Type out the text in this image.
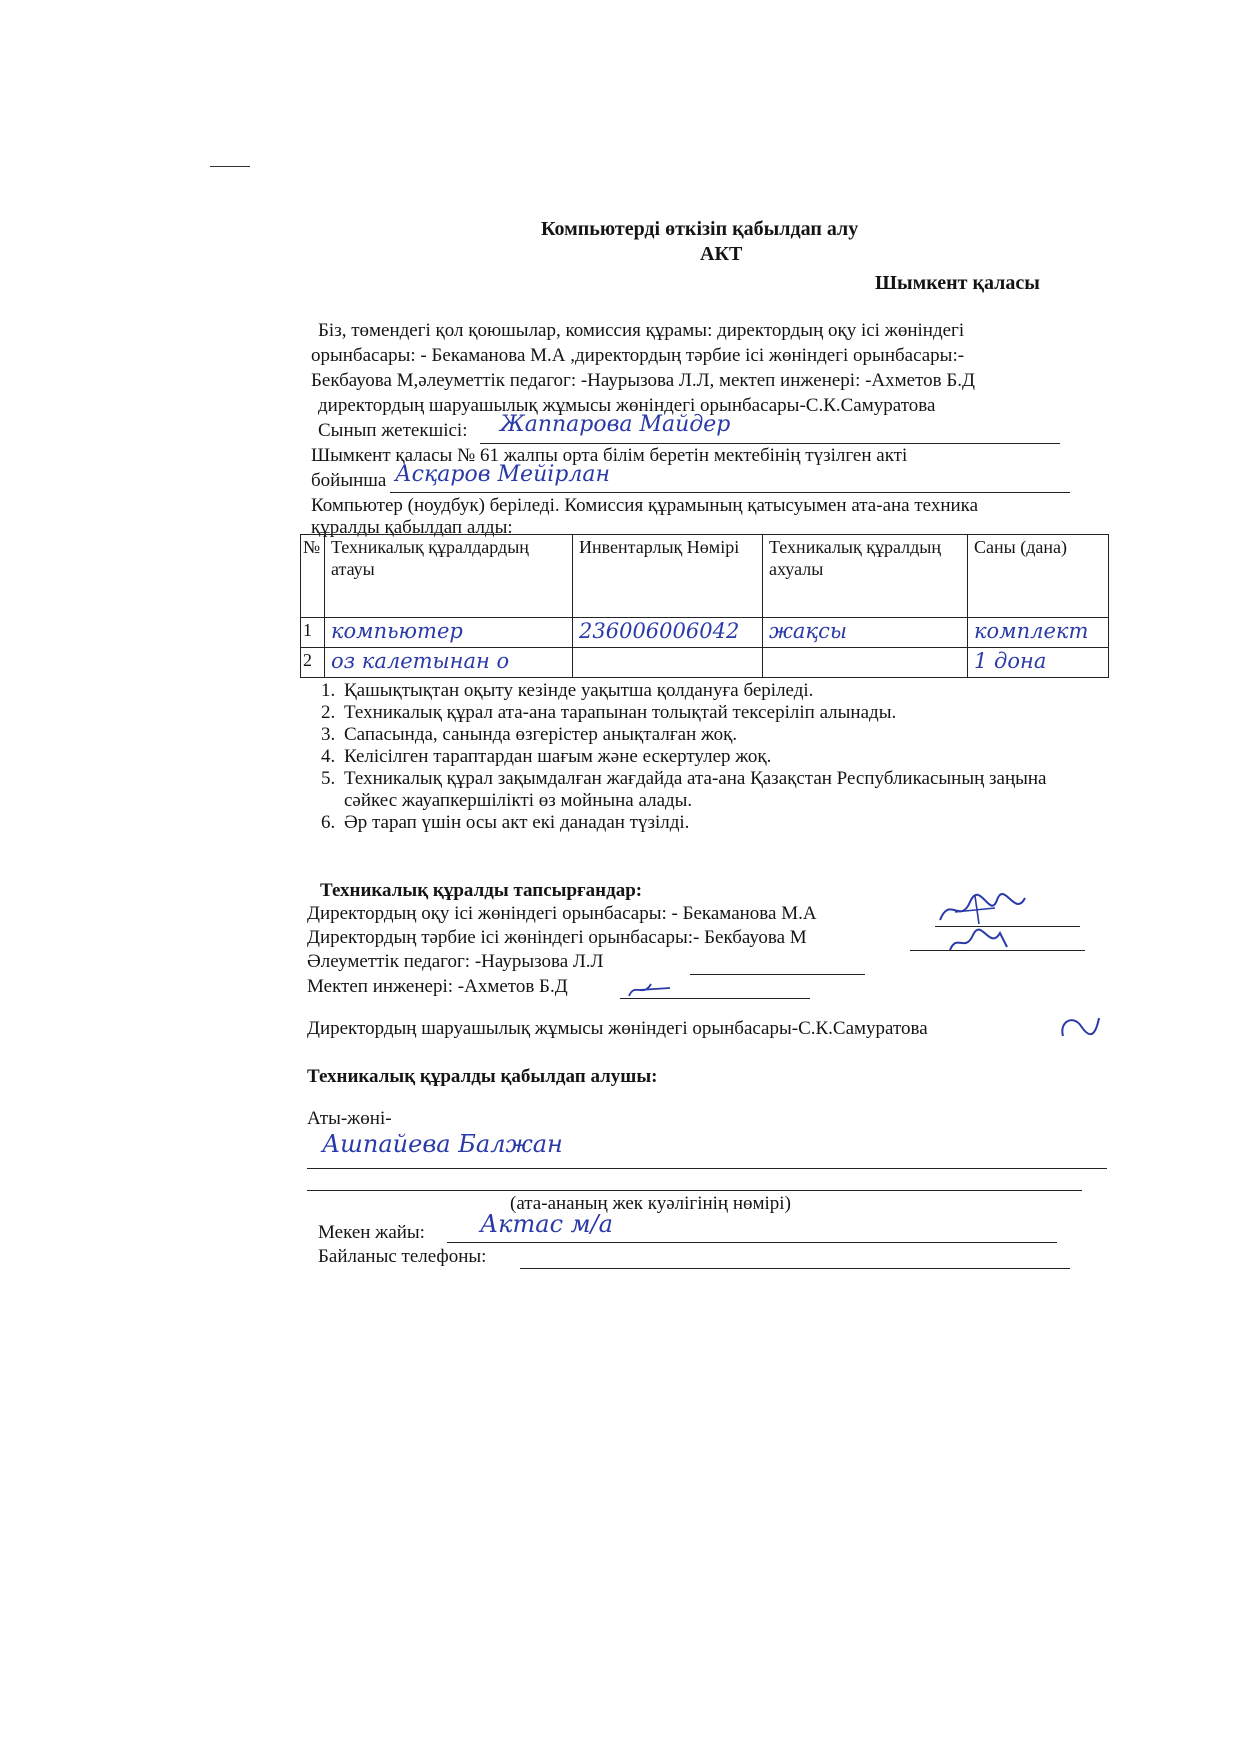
Компьютерді өткізіп қабылдап алу
АКТ
Шымкент қаласы
Біз, төмендегі қол қоюшылар, комиссия құрамы: директордың оқу ісі жөніндегі
орынбасары: - Бекаманова М.А ,директордың тәрбие ісі жөніндегі орынбасары:-
Бекбауова М,әлеуметтік педагог: -Наурызова Л.Л, мектеп инженері: -Ахметов Б.Д
директордың шаруашылық жұмысы жөніндегі орынбасары-С.К.Самуратова
Сынып жетекшісі: Жаппарова Майдер
Шымкент қаласы № 61 жалпы орта білім беретін мектебінің түзілген акті
бойынша Асқаров Мейірлан
Компьютер (ноудбук) беріледі. Комиссия құрамының қатысуымен ата-ана техника
құралды қабылдап алды:
№	Техникалық құралдардың атауы	Инвентарлық Нөмірі	Техникалық құралдың ахуалы	Саны (дана)
1	компьютер	236006006042	жақсы	комплект
2	оз калетынан о			1 дона
1. Қашықтықтан оқыту кезінде уақытша қолдануға беріледі.
2. Техникалық құрал ата-ана тарапынан толықтай тексеріліп алынады.
3. Сапасында, санында өзгерістер анықталған жоқ.
4. Келісілген тараптардан шағым және ескертулер жоқ.
5. Техникалық құрал зақымдалған жағдайда ата-ана Қазақстан Республикасының заңына сәйкес жауапкершілікті өз мойнына алады.
6. Әр тарап үшін осы акт екі данадан түзілді.
Техникалық құралды тапсырғандар:
Директордың оқу ісі жөніндегі орынбасары: - Бекаманова М.А
Директордың тәрбие ісі жөніндегі орынбасары:- Бекбауова М
Әлеуметтік педагог: -Наурызова Л.Л
Мектеп инженері: -Ахметов Б.Д
Директордың шаруашылық жұмысы жөніндегі орынбасары-С.К.Самуратова
Техникалық құралды қабылдап алушы:
Аты-жөні-
Ашпайева Балжан
(ата-ананың жек куәлігінің нөмірі)
Мекен жайы: Актас м/а
Байланыс телефоны:
